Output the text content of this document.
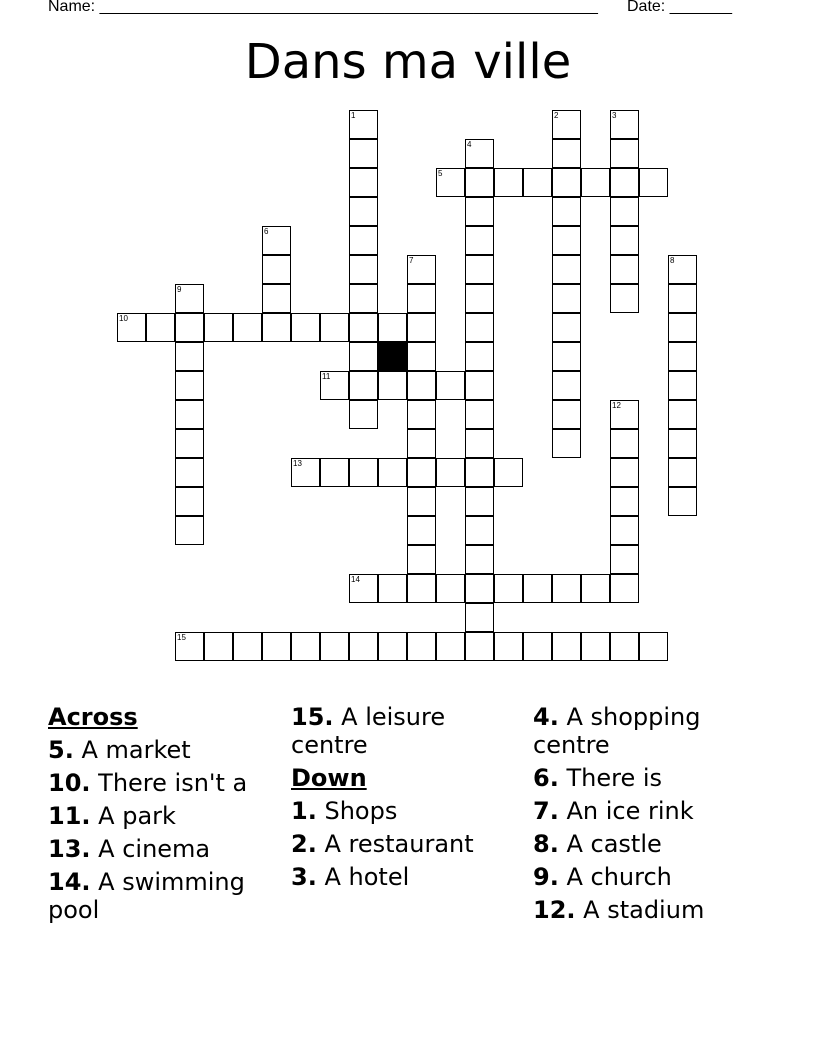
Name: ________________________________________________________ Date: _______
Dans ma ville
1	2	3
4
5
6
7	8
9
10
11
12
13
14
15

Across

5. A market

10. There isn't a

11. A park

13. A cinema

14. A swimming pool

15. A leisure centre

Down

1. Shops

2. A restaurant

3. A hotel

4. A shopping centre

6. There is

7. An ice rink

8. A castle

9. A church

12. A stadium
